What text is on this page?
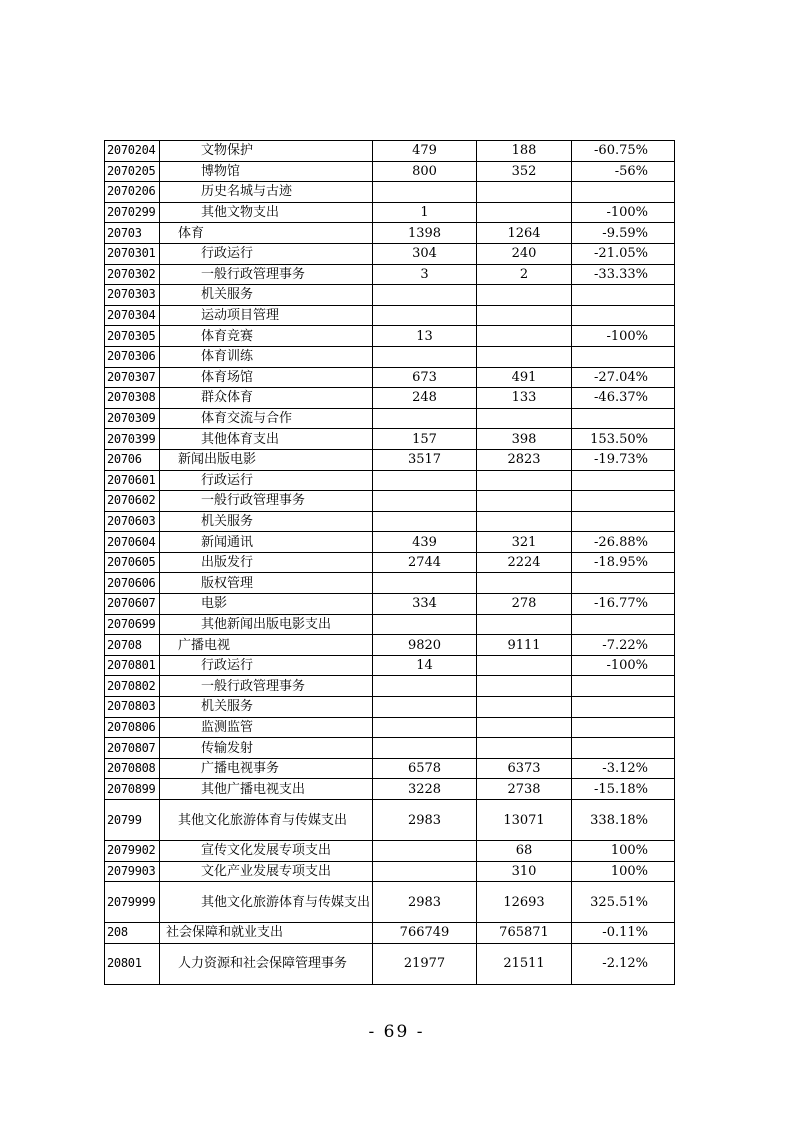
2070204	文物保护	479	188	-60.75%
2070205	博物馆	800	352	-56%
2070206	历史名城与古迹			
2070299	其他文物支出	1		-100%
20703	体育	1398	1264	-9.59%
2070301	行政运行	304	240	-21.05%
2070302	一般行政管理事务	3	2	-33.33%
2070303	机关服务			
2070304	运动项目管理			
2070305	体育竞赛	13		-100%
2070306	体育训练			
2070307	体育场馆	673	491	-27.04%
2070308	群众体育	248	133	-46.37%
2070309	体育交流与合作			
2070399	其他体育支出	157	398	153.50%
20706	新闻出版电影	3517	2823	-19.73%
2070601	行政运行			
2070602	一般行政管理事务			
2070603	机关服务			
2070604	新闻通讯	439	321	-26.88%
2070605	出版发行	2744	2224	-18.95%
2070606	版权管理			
2070607	电影	334	278	-16.77%
2070699	其他新闻出版电影支出			
20708	广播电视	9820	9111	-7.22%
2070801	行政运行	14		-100%
2070802	一般行政管理事务			
2070803	机关服务			
2070806	监测监管			
2070807	传输发射			
2070808	广播电视事务	6578	6373	-3.12%
2070899	其他广播电视支出	3228	2738	-15.18%
20799	其他文化旅游体育与传媒支出	2983	13071	338.18%
2079902	宣传文化发展专项支出		68	100%
2079903	文化产业发展专项支出		310	100%
2079999	其他文化旅游体育与传媒支出	2983	12693	325.51%
208	社会保障和就业支出	766749	765871	-0.11%
20801	人力资源和社会保障管理事务	21977	21511	-2.12%
- 69 -
